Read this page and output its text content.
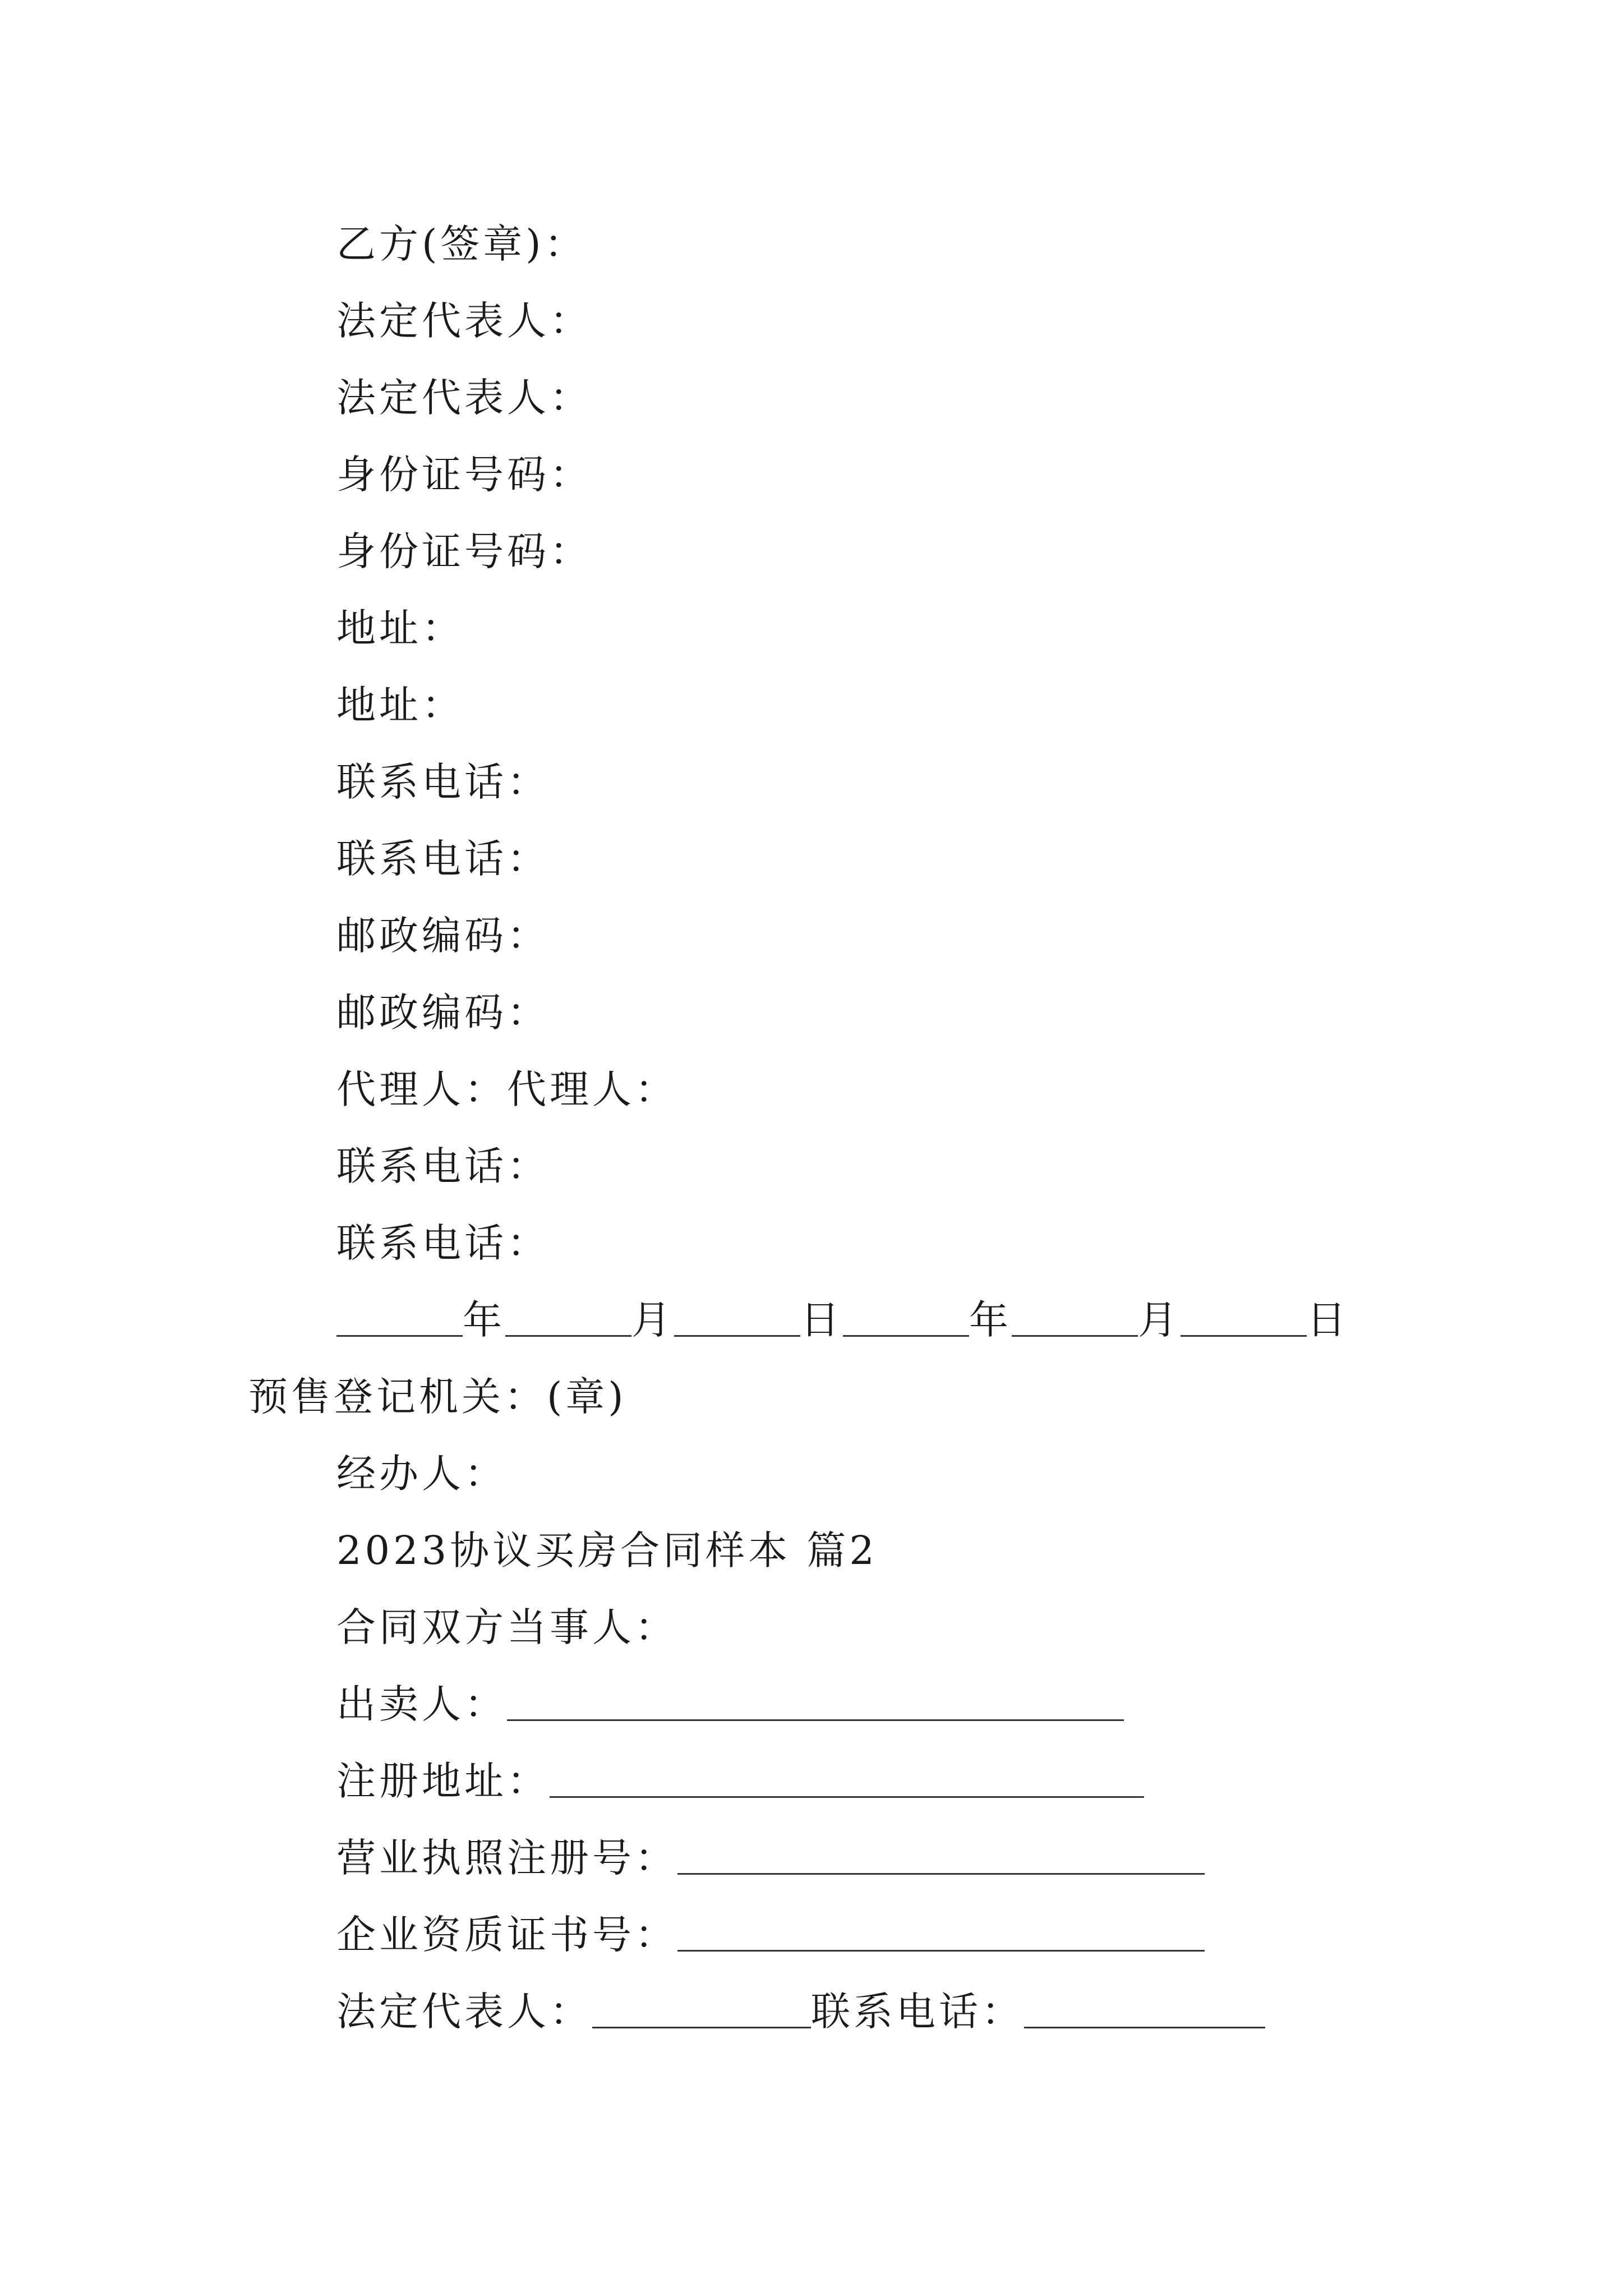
乙方(签章)：
法定代表人：
法定代表人：
身份证号码：
身份证号码：
地址：
地址：
联系电话：
联系电话：
邮政编码：
邮政编码：
代理人：代理人：
联系电话：
联系电话：
年	月	日	年	月	日
预售登记机关：(章)
经办人：
2023协议买房合同样本 篇2
合同双方当事人：
出卖人：
注册地址：
营业执照注册号：
企业资质证书号：
法定代表人：	联系电话：
